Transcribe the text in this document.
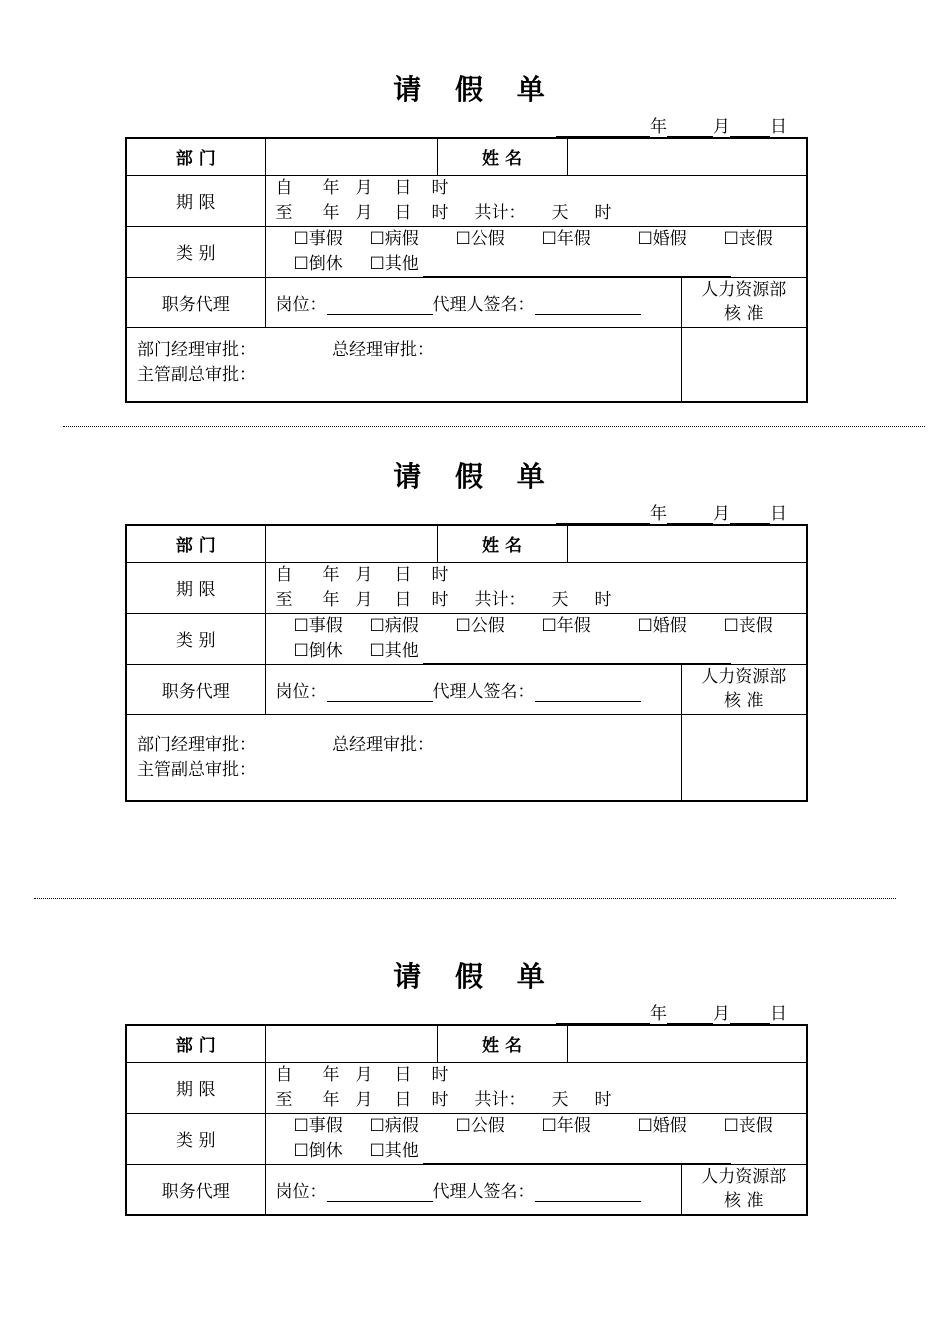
请 假 单
年	月 日
部 门		姓 名		
期 限	自 年 月 日 时
至 年 月 日 时 共计： 天 时			

类 别	☐事假 ☐病假 ☐公假 ☐年假 ☐婚假 ☐丧假
☐倒休 ☐其他			

职务代理	岗位： 代理人签名：			人力资源部
核 准

部门经理审批： 总经理审批：
主管副总审批：				

请 假 单
年	月 日
部 门		姓 名		
期 限	自 年 月 日 时
至 年 月 日 时 共计： 天 时			

类 别	☐事假 ☐病假 ☐公假 ☐年假 ☐婚假 ☐丧假
☐倒休 ☐其他			

职务代理	岗位： 代理人签名：			人力资源部
核 准

部门经理审批： 总经理审批：
主管副总审批：				

请 假 单
年	月 日
部 门		姓 名		
期 限	自 年 月 日 时
至 年 月 日 时 共计： 天 时			

类 别	☐事假 ☐病假 ☐公假 ☐年假 ☐婚假 ☐丧假
☐倒休 ☐其他			

职务代理	岗位： 代理人签名：			人力资源部
核 准
